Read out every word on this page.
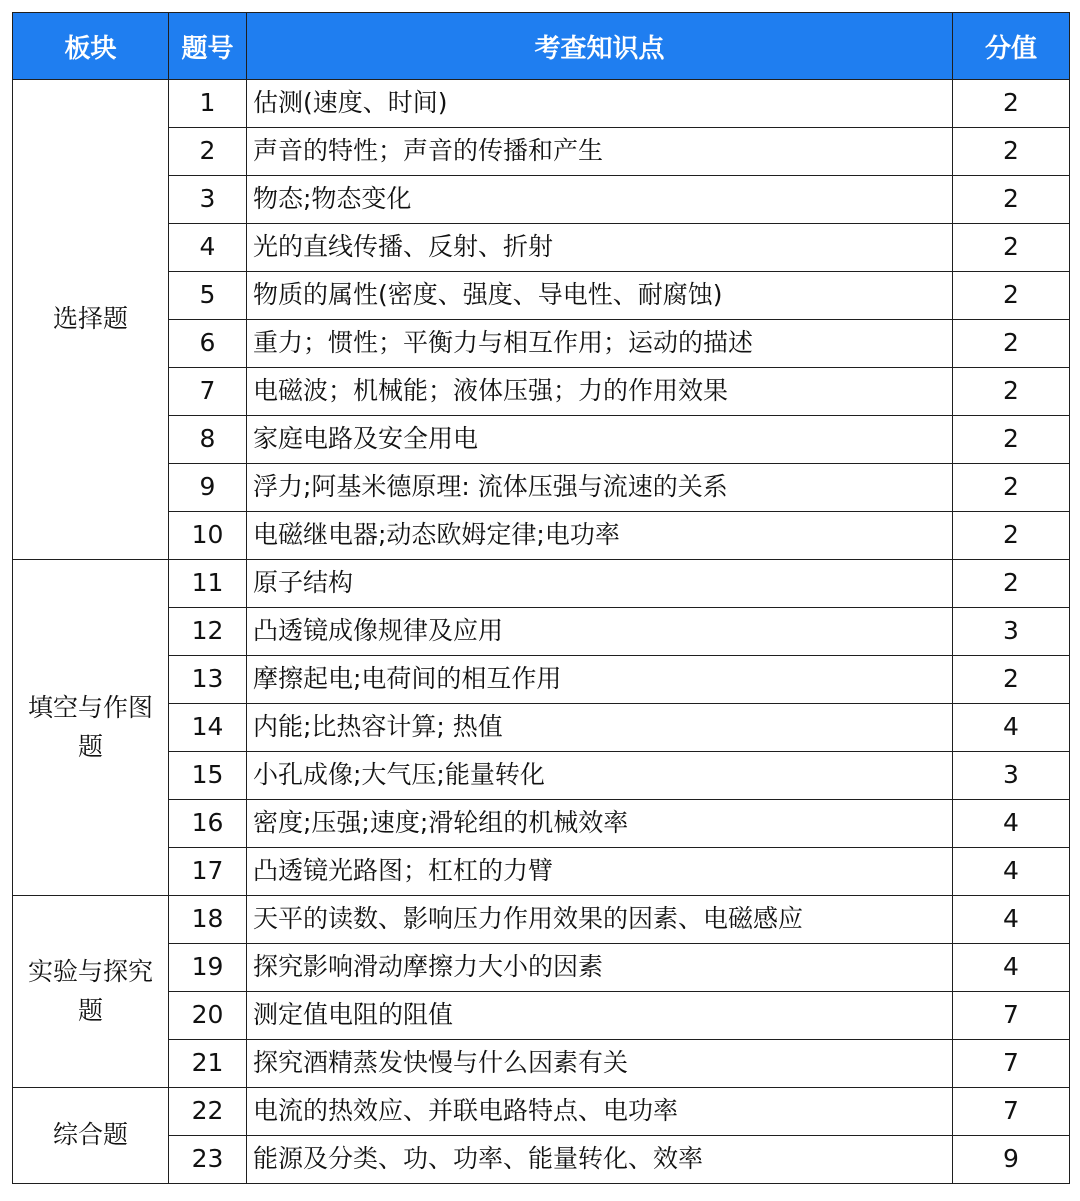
板块	题号	考查知识点	分值
选择题	1	估测(速度、时间)	2
	2	声音的特性；声音的传播和产生	2
	3	物态;物态变化	2
	4	光的直线传播、反射、折射	2
	5	物质的属性(密度、强度、导电性、耐腐蚀)	2
	6	重力；惯性；平衡力与相互作用；运动的描述	2
	7	电磁波；机械能；液体压强；力的作用效果	2
	8	家庭电路及安全用电	2
	9	浮力;阿基米德原理: 流体压强与流速的关系	2
	10	电磁继电器;动态欧姆定律;电功率	2
填空与作图题	11	原子结构	2
	12	凸透镜成像规律及应用	3
	13	摩擦起电;电荷间的相互作用	2
	14	内能;比热容计算; 热值	4
	15	小孔成像;大气压;能量转化	3
	16	密度;压强;速度;滑轮组的机械效率	4
	17	凸透镜光路图；杠杠的力臂	4
实验与探究题	18	天平的读数、影响压力作用效果的因素、电磁感应	4
	19	探究影响滑动摩擦力大小的因素	4
	20	测定值电阻的阻值	7
	21	探究酒精蒸发快慢与什么因素有关	7
综合题	22	电流的热效应、并联电路特点、电功率	7
	23	能源及分类、功、功率、能量转化、效率	9
